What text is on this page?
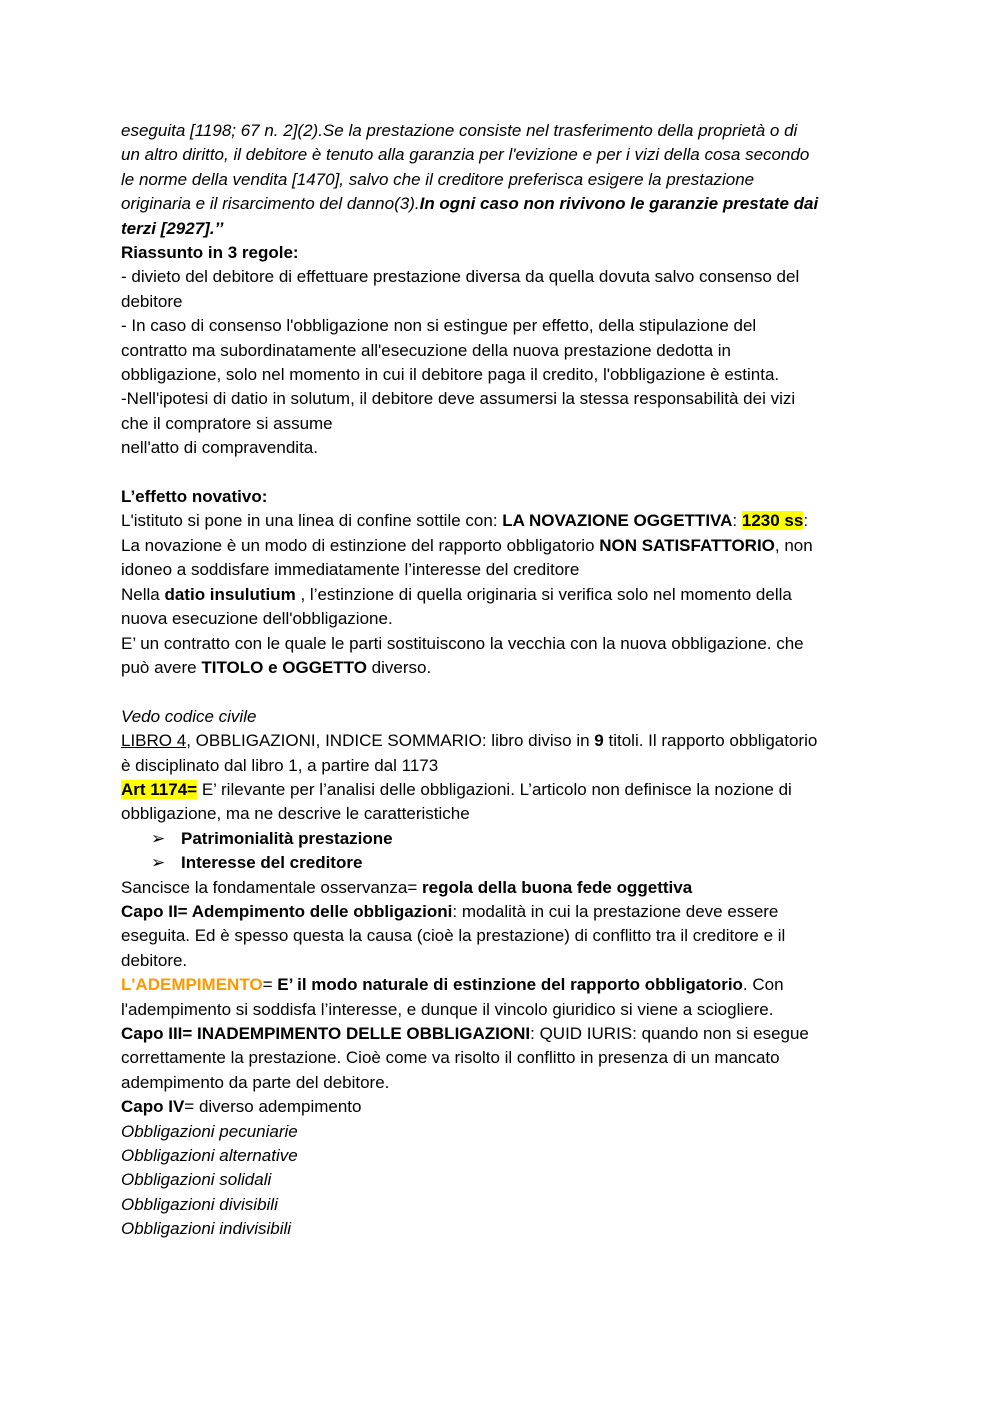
eseguita [1198; 67 n. 2](2).Se la prestazione consiste nel trasferimento della proprietà o di
un altro diritto, il debitore è tenuto alla garanzia per l'evizione e per i vizi della cosa secondo
le norme della vendita [1470], salvo che il creditore preferisca esigere la prestazione
originaria e il risarcimento del danno(3).In ogni caso non rivivono le garanzie prestate dai
terzi [2927].’’
Riassunto in 3 regole:
- divieto del debitore di effettuare prestazione diversa da quella dovuta salvo consenso del
debitore
- In caso di consenso l'obbligazione non si estingue per effetto, della stipulazione del
contratto ma subordinatamente all'esecuzione della nuova prestazione dedotta in
obbligazione, solo nel momento in cui il debitore paga il credito, l'obbligazione è estinta.
-Nell'ipotesi di datio in solutum, il debitore deve assumersi la stessa responsabilità dei vizi
che il compratore si assume
nell'atto di compravendita.
L’effetto novativo:
L'istituto si pone in una linea di confine sottile con: LA NOVAZIONE OGGETTIVA: 1230 ss:
La novazione è un modo di estinzione del rapporto obbligatorio NON SATISFATTORIO, non
idoneo a soddisfare immediatamente l’interesse del creditore
Nella datio insulutium , l’estinzione di quella originaria si verifica solo nel momento della
nuova esecuzione dell'obbligazione.
E’ un contratto con le quale le parti sostituiscono la vecchia con la nuova obbligazione. che
può avere TITOLO e OGGETTO diverso.
Vedo codice civile
LIBRO 4, OBBLIGAZIONI, INDICE SOMMARIO: libro diviso in 9 titoli. Il rapporto obbligatorio
è disciplinato dal libro 1, a partire dal 1173
Art 1174= E’ rilevante per l’analisi delle obbligazioni. L’articolo non definisce la nozione di
obbligazione, ma ne descrive le caratteristiche
➢ Patrimonialità prestazione
➢ Interesse del creditore
Sancisce la fondamentale osservanza= regola della buona fede oggettiva
Capo II= Adempimento delle obbligazioni: modalità in cui la prestazione deve essere
eseguita. Ed è spesso questa la causa (cioè la prestazione) di conflitto tra il creditore e il
debitore.
L'ADEMPIMENTO= E’ il modo naturale di estinzione del rapporto obbligatorio. Con
l'adempimento si soddisfa l’interesse, e dunque il vincolo giuridico si viene a sciogliere.
Capo III= INADEMPIMENTO DELLE OBBLIGAZIONI: QUID IURIS: quando non si esegue
correttamente la prestazione. Cioè come va risolto il conflitto in presenza di un mancato
adempimento da parte del debitore.
Capo IV= diverso adempimento
Obbligazioni pecuniarie
Obbligazioni alternative
Obbligazioni solidali
Obbligazioni divisibili
Obbligazioni indivisibili
